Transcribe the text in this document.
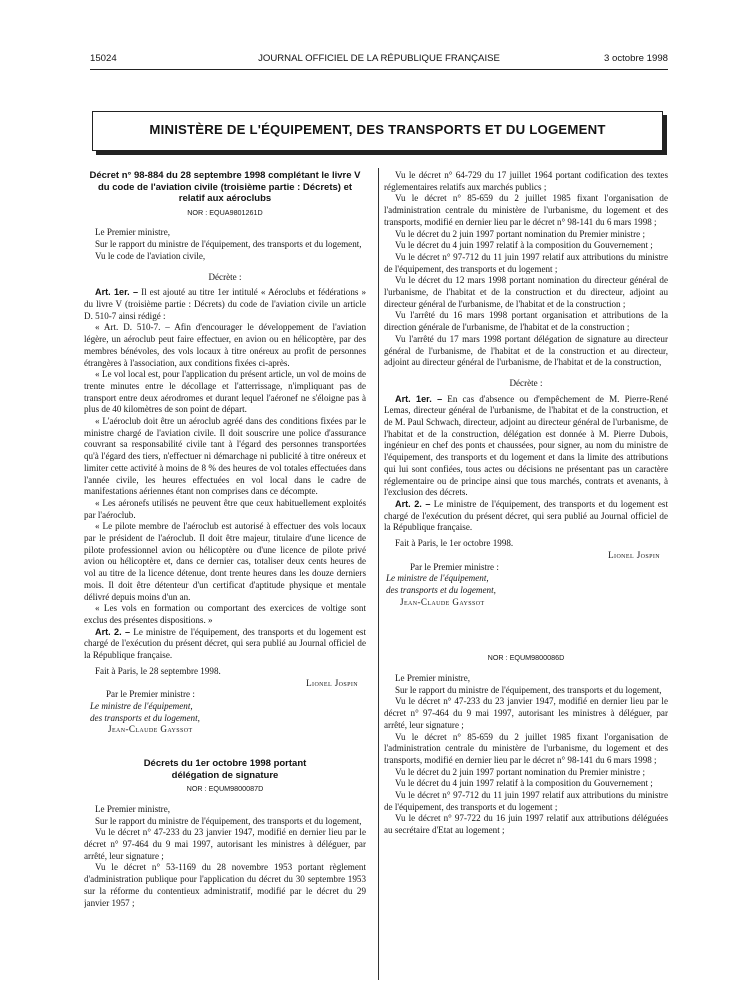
15024	JOURNAL OFFICIEL DE LA RÉPUBLIQUE FRANÇAISE	3 octobre 1998
MINISTÈRE DE L'ÉQUIPEMENT, DES TRANSPORTS ET DU LOGEMENT

Décret n° 98-884 du 28 septembre 1998 complétant le livre V du code de l'aviation civile (troisième partie : Décrets) et relatif aux aéroclubs

NOR : EQUA9801261D

Le Premier ministre,

Sur le rapport du ministre de l'équipement, des transports et du logement,

Vu le code de l'aviation civile,

Décrète :

Art. 1er. – Il est ajouté au titre 1er intitulé « Aéroclubs et fédérations » du livre V (troisième partie : Décrets) du code de l'aviation civile un article D. 510-7 ainsi rédigé :

« Art. D. 510-7. – Afin d'encourager le développement de l'aviation légère, un aéroclub peut faire effectuer, en avion ou en hélicoptère, par des membres bénévoles, des vols locaux à titre onéreux au profit de personnes étrangères à l'association, aux conditions fixées ci-après.

« Le vol local est, pour l'application du présent article, un vol de moins de trente minutes entre le décollage et l'atterrissage, n'impliquant pas de transport entre deux aérodromes et durant lequel l'aéronef ne s'éloigne pas à plus de 40 kilomètres de son point de départ.

« L'aéroclub doit être un aéroclub agréé dans des conditions fixées par le ministre chargé de l'aviation civile. Il doit souscrire une police d'assurance couvrant sa responsabilité civile tant à l'égard des personnes transportées qu'à l'égard des tiers, n'effectuer ni démarchage ni publicité à titre onéreux et limiter cette activité à moins de 8 % des heures de vol totales effectuées dans l'année civile, les heures effectuées en vol local dans le cadre de manifestations aériennes étant non comprises dans ce décompte.

« Les aéronefs utilisés ne peuvent être que ceux habituellement exploités par l'aéroclub.

« Le pilote membre de l'aéroclub est autorisé à effectuer des vols locaux par le président de l'aéroclub. Il doit être majeur, titulaire d'une licence de pilote professionnel avion ou hélicoptère ou d'une licence de pilote privé avion ou hélicoptère et, dans ce dernier cas, totaliser deux cents heures de vol au titre de la licence détenue, dont trente heures dans les douze derniers mois. Il doit être détenteur d'un certificat d'aptitude physique et mentale délivré depuis moins d'un an.

« Les vols en formation ou comportant des exercices de voltige sont exclus des présentes dispositions. »

Art. 2. – Le ministre de l'équipement, des transports et du logement est chargé de l'exécution du présent décret, qui sera publié au Journal officiel de la République française.

Fait à Paris, le 28 septembre 1998.

Lionel Jospin

Par le Premier ministre :

Le ministre de l'équipement,

des transports et du logement,

Jean-Claude Gayssot

Décrets du 1er octobre 1998 portant délégation de signature

NOR : EQUM9800087D

Le Premier ministre,

Sur le rapport du ministre de l'équipement, des transports et du logement,

Vu le décret n° 47-233 du 23 janvier 1947, modifié en dernier lieu par le décret n° 97-464 du 9 mai 1997, autorisant les ministres à déléguer, par arrêté, leur signature ;

Vu le décret n° 53-1169 du 28 novembre 1953 portant règlement d'administration publique pour l'application du décret du 30 septembre 1953 sur la réforme du contentieux administratif, modifié par le décret du 29 janvier 1957 ;

Vu le décret n° 64-729 du 17 juillet 1964 portant codification des textes réglementaires relatifs aux marchés publics ;

Vu le décret n° 85-659 du 2 juillet 1985 fixant l'organisation de l'administration centrale du ministère de l'urbanisme, du logement et des transports, modifié en dernier lieu par le décret n° 98-141 du 6 mars 1998 ;

Vu le décret du 2 juin 1997 portant nomination du Premier ministre ;

Vu le décret du 4 juin 1997 relatif à la composition du Gouvernement ;

Vu le décret n° 97-712 du 11 juin 1997 relatif aux attributions du ministre de l'équipement, des transports et du logement ;

Vu le décret du 12 mars 1998 portant nomination du directeur général de l'urbanisme, de l'habitat et de la construction et du directeur, adjoint au directeur général de l'urbanisme, de l'habitat et de la construction ;

Vu l'arrêté du 16 mars 1998 portant organisation et attributions de la direction générale de l'urbanisme, de l'habitat et de la construction ;

Vu l'arrêté du 17 mars 1998 portant délégation de signature au directeur général de l'urbanisme, de l'habitat et de la construction et au directeur, adjoint au directeur général de l'urbanisme, de l'habitat et de la construction,

Décrète :

Art. 1er. – En cas d'absence ou d'empêchement de M. Pierre-René Lemas, directeur général de l'urbanisme, de l'habitat et de la construction, et de M. Paul Schwach, directeur, adjoint au directeur général de l'urbanisme, de l'habitat et de la construction, délégation est donnée à M. Pierre Dubois, ingénieur en chef des ponts et chaussées, pour signer, au nom du ministre de l'équipement, des transports et du logement et dans la limite des attributions qui lui sont confiées, tous actes ou décisions ne présentant pas un caractère réglementaire ou de principe ainsi que tous marchés, contrats et avenants, à l'exclusion des décrets.

Art. 2. – Le ministre de l'équipement, des transports et du logement est chargé de l'exécution du présent décret, qui sera publié au Journal officiel de la République française.

Fait à Paris, le 1er octobre 1998.

Lionel Jospin

Par le Premier ministre :

Le ministre de l'équipement,

des transports et du logement,

Jean-Claude Gayssot

NOR : EQUM9800086D

Le Premier ministre,

Sur le rapport du ministre de l'équipement, des transports et du logement,

Vu le décret n° 47-233 du 23 janvier 1947, modifié en dernier lieu par le décret n° 97-464 du 9 mai 1997, autorisant les ministres à déléguer, par arrêté, leur signature ;

Vu le décret n° 85-659 du 2 juillet 1985 fixant l'organisation de l'administration centrale du ministère de l'urbanisme, du logement et des transports, modifié en dernier lieu par le décret n° 98-141 du 6 mars 1998 ;

Vu le décret du 2 juin 1997 portant nomination du Premier ministre ;

Vu le décret du 4 juin 1997 relatif à la composition du Gouvernement ;

Vu le décret n° 97-712 du 11 juin 1997 relatif aux attributions du ministre de l'équipement, des transports et du logement ;

Vu le décret n° 97-722 du 16 juin 1997 relatif aux attributions déléguées au secrétaire d'Etat au logement ;
